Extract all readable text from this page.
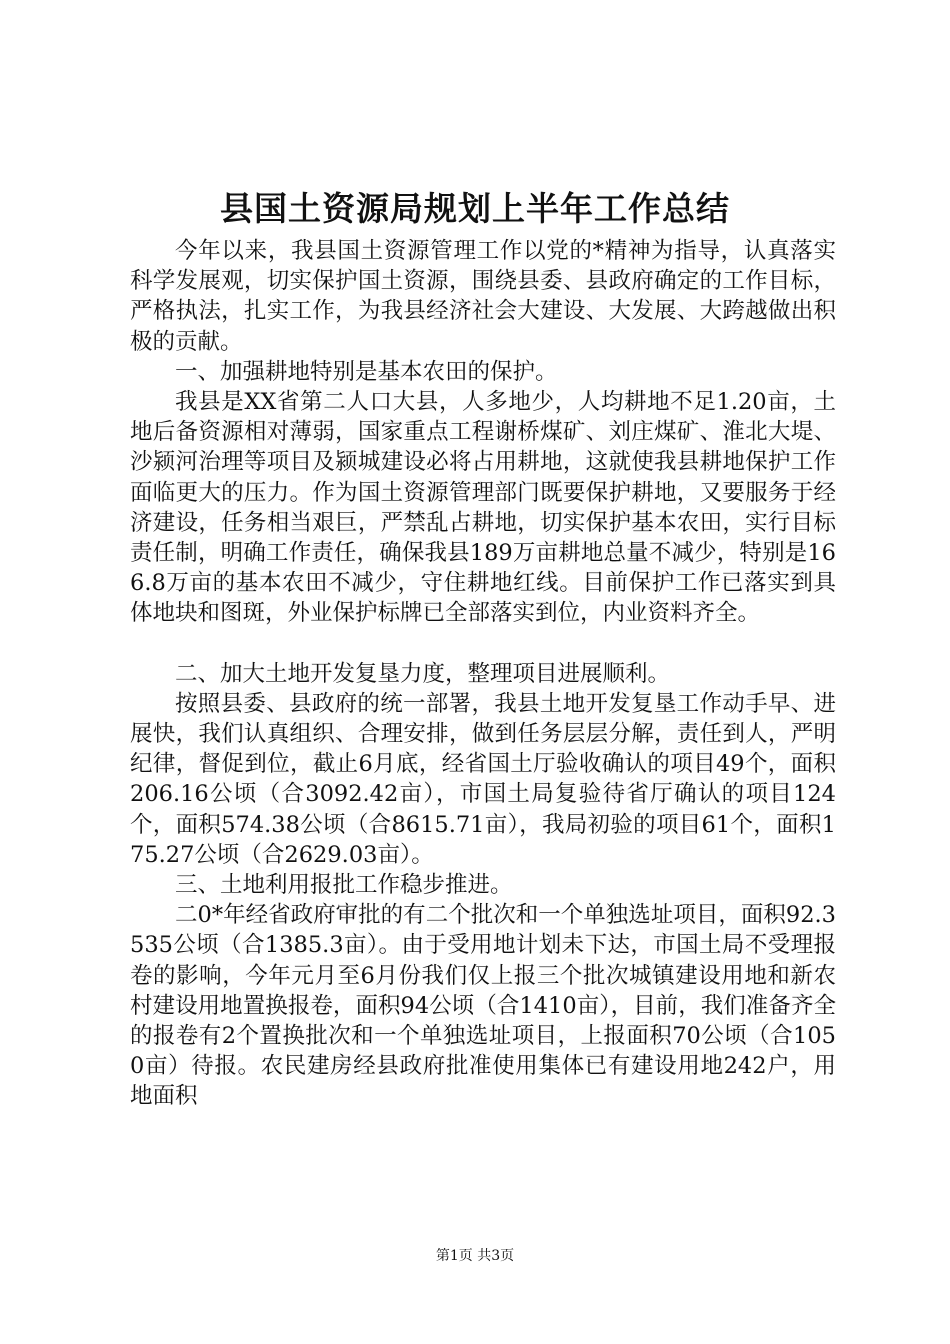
县国土资源局规划上半年工作总结

今年以来，我县国土资源管理工作以党的*精神为指导，认真落实科学发展观，切实保护国土资源，围绕县委、县政府确定的工作目标，严格执法，扎实工作，为我县经济社会大建设、大发展、大跨越做出积极的贡献。

一、加强耕地特别是基本农田的保护。

我县是XX省第二人口大县，人多地少，人均耕地不足1.20亩，土地后备资源相对薄弱，国家重点工程谢桥煤矿、刘庄煤矿、淮北大堤、沙颍河治理等项目及颍城建设必将占用耕地，这就使我县耕地保护工作面临更大的压力。作为国土资源管理部门既要保护耕地，又要服务于经济建设，任务相当艰巨，严禁乱占耕地，切实保护基本农田，实行目标责任制，明确工作责任，确保我县189万亩耕地总量不减少，特别是166.8万亩的基本农田不减少，守住耕地红线。目前保护工作已落实到具体地块和图斑，外业保护标牌已全部落实到位，内业资料齐全。

二、加大土地开发复垦力度，整理项目进展顺利。

按照县委、县政府的统一部署，我县土地开发复垦工作动手早、进展快，我们认真组织、合理安排，做到任务层层分解，责任到人，严明纪律，督促到位，截止6月底，经省国土厅验收确认的项目49个，面积206.16公顷（合3092.42亩），市国土局复验待省厅确认的项目124个，面积574.38公顷（合8615.71亩），我局初验的项目61个，面积175.27公顷（合2629.03亩）。

三、土地利用报批工作稳步推进。

二0*年经省政府审批的有二个批次和一个单独选址项目，面积92.3535公顷（合1385.3亩）。由于受用地计划未下达，市国土局不受理报卷的影响，今年元月至6月份我们仅上报三个批次城镇建设用地和新农村建设用地置换报卷，面积94公顷（合1410亩），目前，我们准备齐全的报卷有2个置换批次和一个单独选址项目，上报面积70公顷（合1050亩）待报。农民建房经县政府批准使用集体已有建设用地242户，用地面积

第1页 共3页
